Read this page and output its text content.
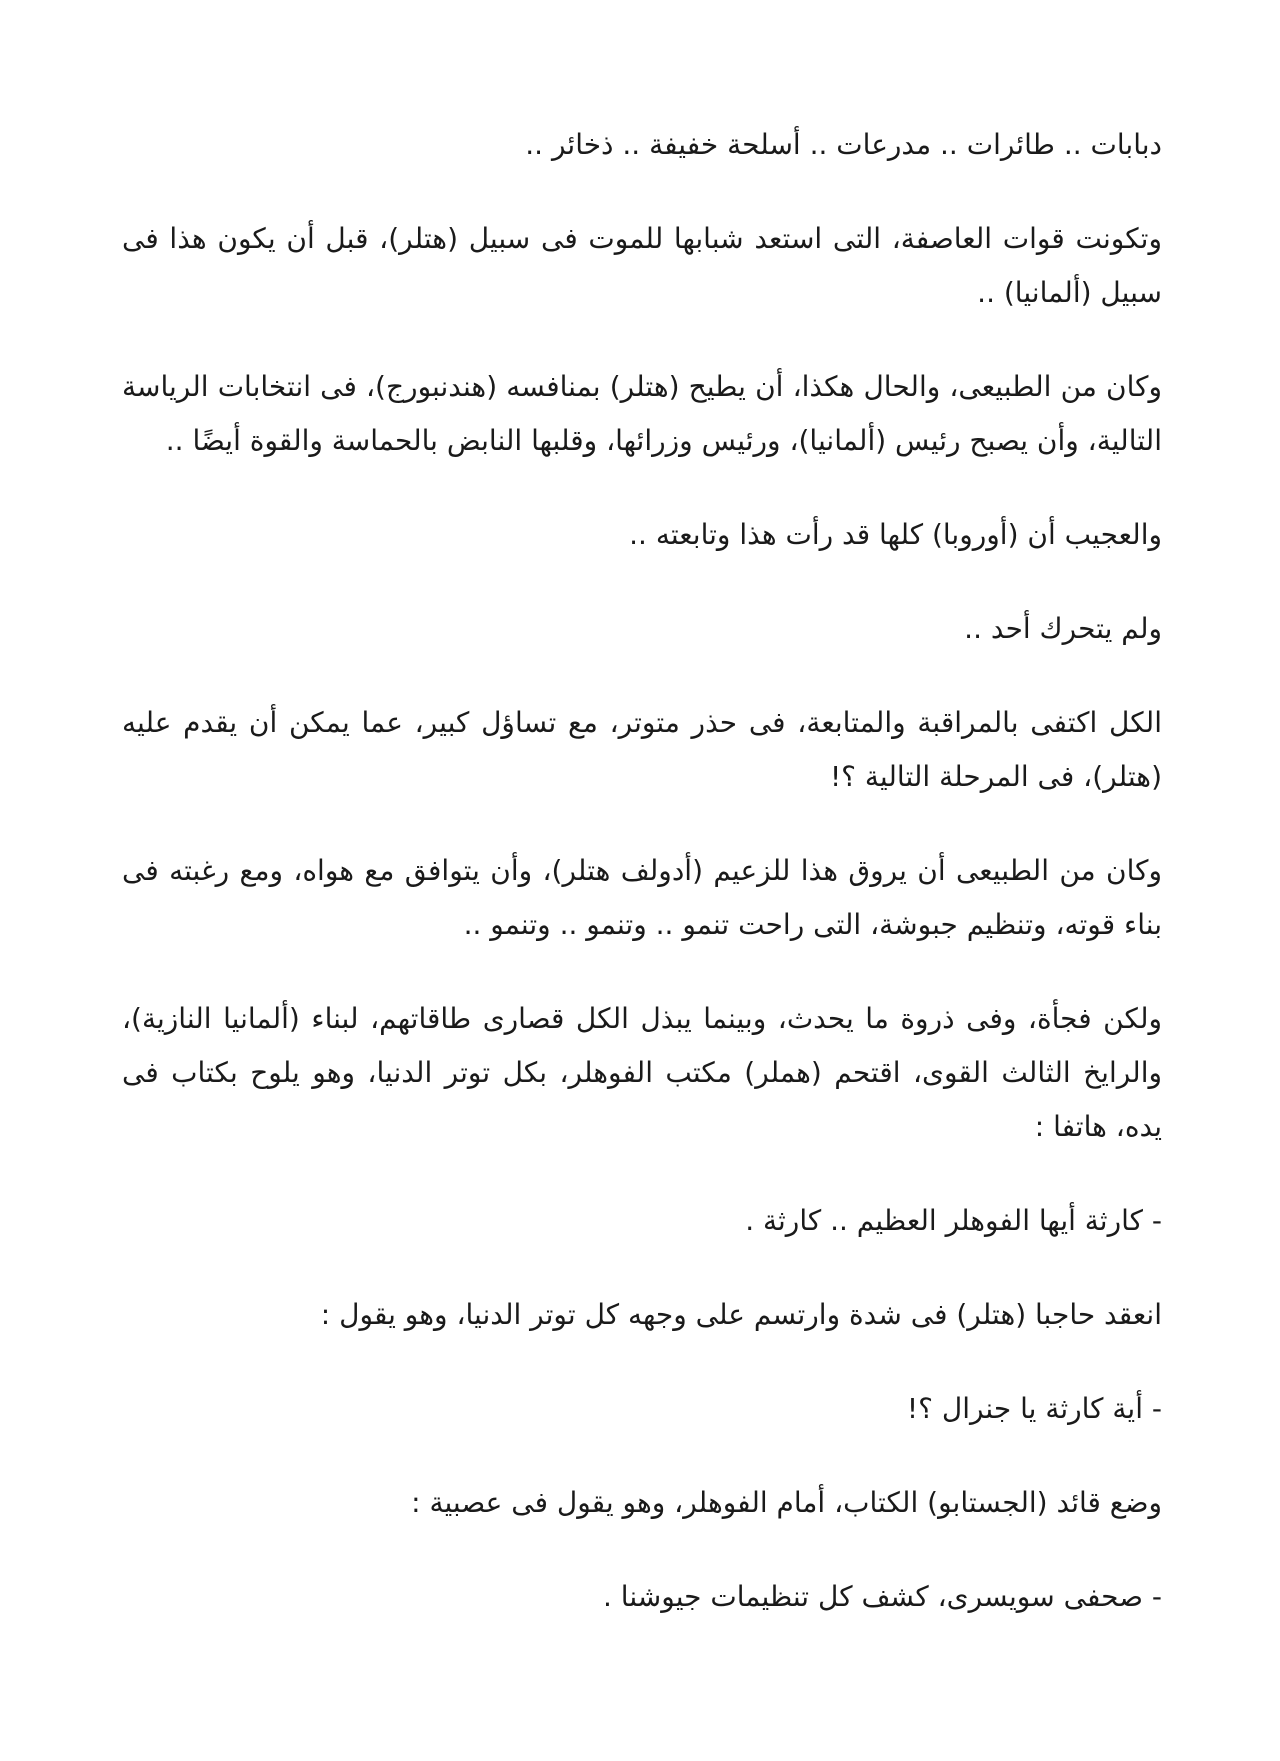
دبابات .. طائرات .. مدرعات .. أسلحة خفيفة .. ذخائر ..

وتكونت قوات العاصفة، التى استعد شبابها للموت فى سبيل (هتلر)، قبل أن يكون هذا فى سبيل (ألمانيا) ..

وكان من الطبيعى، والحال هكذا، أن يطيح (هتلر) بمنافسه (هندنبورج)، فى انتخابات الرياسة التالية، وأن يصبح رئيس (ألمانيا)، ورئيس وزرائها، وقلبها النابض بالحماسة والقوة أيضًا ..

والعجيب أن (أوروبا) كلها قد رأت هذا وتابعته ..

ولم يتحرك أحد ..

الكل اكتفى بالمراقبة والمتابعة، فى حذر متوتر، مع تساؤل كبير، عما يمكن أن يقدم عليه (هتلر)، فى المرحلة التالية ؟!

وكان من الطبيعى أن يروق هذا للزعيم (أدولف هتلر)، وأن يتوافق مع هواه، ومع رغبته فى بناء قوته، وتنظيم جبوشة، التى راحت تنمو .. وتنمو .. وتنمو ..

ولكن فجأة، وفى ذروة ما يحدث، وبينما يبذل الكل قصارى طاقاتهم، لبناء (ألمانيا النازية)، والرايخ الثالث القوى، اقتحم (هملر) مكتب الفوهلر، بكل توتر الدنيا، وهو يلوح بكتاب فى يده، هاتفا :

- كارثة أيها الفوهلر العظيم .. كارثة .

انعقد حاجبا (هتلر) فى شدة وارتسم على وجهه كل توتر الدنيا، وهو يقول :

- أية كارثة يا جنرال ؟!

وضع قائد (الجستابو) الكتاب، أمام الفوهلر، وهو يقول فى عصبية :

- صحفى سويسرى، كشف كل تنظيمات جيوشنا .
